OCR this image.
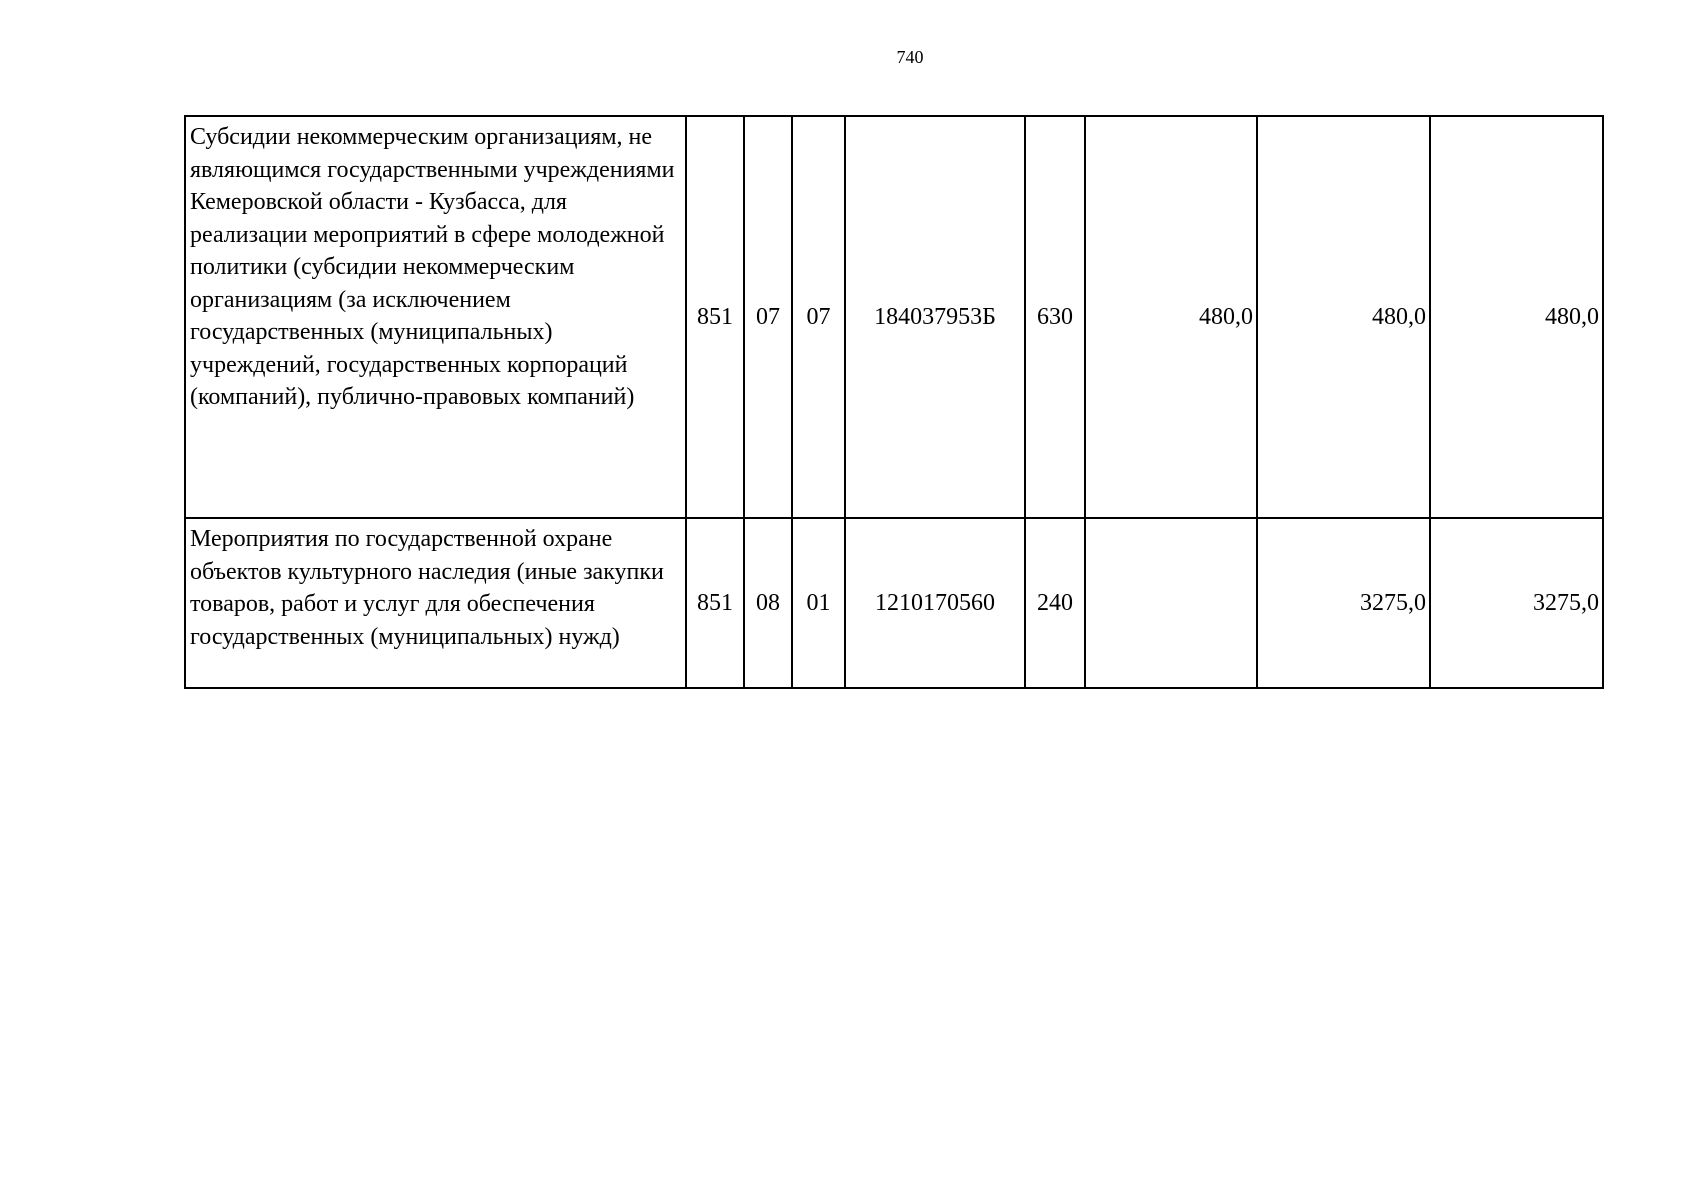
740
Субсидии некоммерческим организациям, не являющимся государственными учреждениями Кемеровской области - Кузбасса, для реализации мероприятий в сфере молодежной политики (субсидии некоммерческим организациям (за исключением государственных (муниципальных) учреждений, государственных корпораций (компаний), публично-правовых компаний)	851	07	07	184037953Б	630	480,0	480,0	480,0
Мероприятия по государственной охране объектов культурного наследия (иные закупки товаров, работ и услуг для обеспечения государственных (муниципальных) нужд)	851	08	01	1210170560	240		3275,0	3275,0
